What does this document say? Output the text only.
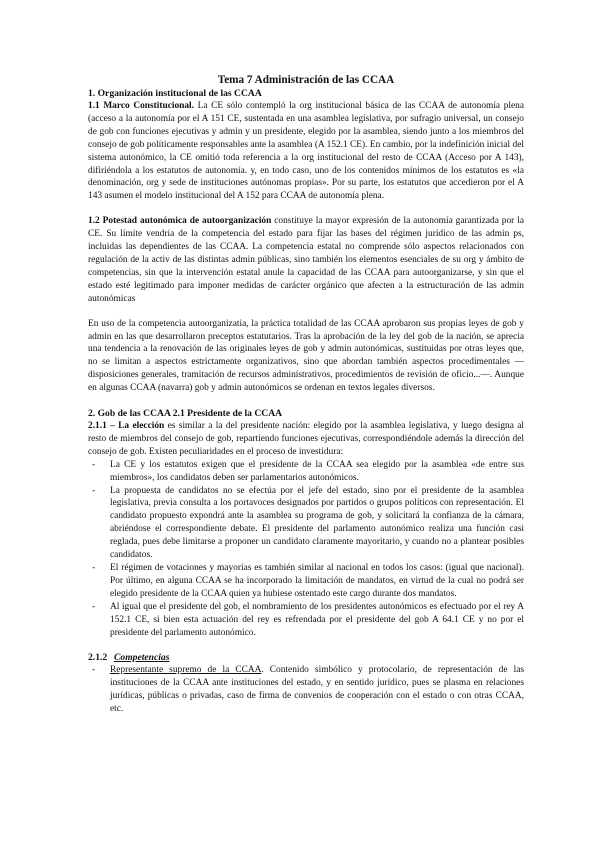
Tema 7 Administración de las CCAA

1. Organización institucional de las CCAA

1.1 Marco Constitucional. La CE sólo contempló la org institucional básica de las CCAA de autonomía plena (acceso a la autonomía por el A 151 CE, sustentada en una asamblea legislativa, por sufragio universal, un consejo de gob con funciones ejecutivas y admin y un presidente, elegido por la asamblea, siendo junto a los miembros del consejo de gob políticamente responsables ante la asamblea (A 152.1 CE). En cambio, por la indefinición inicial del sistema autonómico, la CE omitió toda referencia a la org institucional del resto de CCAA (Acceso por A 143), difiriéndola a los estatutos de autonomía. y, en todo caso, uno de los contenidos mínimos de los estatutos es «la denominación, org y sede de instituciones autónomas propias». Por su parte, los estatutos que accedieron por el A 143 asumen el modelo institucional del A 152 para CCAA de autonomía plena.

1.2 Potestad autonómica de autoorganización constituye la mayor expresión de la autonomía garantizada por la CE. Su límite vendría de la competencia del estado para fijar las bases del régimen jurídico de las admin ps, incluidas las dependientes de las CCAA. La competencia estatal no comprende sólo aspectos relacionados con regulación de la activ de las distintas admin públicas, sino también los elementos esenciales de su org y ámbito de competencias, sin que la intervención estatal anule la capacidad de las CCAA para autoorganizarse, y sin que el estado esté legitimado para imponer medidas de carácter orgánico que afecten a la estructuración de las admin autonómicas

En uso de la competencia autoorganizatia, la práctica totalidad de las CCAA aprobaron sus propias leyes de gob y admin en las que desarrollaron preceptos estatutarios. Tras la aprobación de la ley del gob de la nación, se aprecia una tendencia a la renovación de las originales leyes de gob y admin autonómicas, sustituidas por otras leyes que, no se limitan a aspectos estrictamente organizativos, sino que abordan también aspectos procedimentales — disposiciones generales, tramitación de recursos administrativos, procedimientos de revisión de oficio...—. Aunque en algunas CCAA (navarra) gob y admin autonómicos se ordenan en textos legales diversos.

2. Gob de las CCAA 2.1 Presidente de la CCAA

2.1.1 – La elección es similar a la del presidente nación: elegido por la asamblea legislativa, y luego designa al resto de miembros del consejo de gob, repartiendo funciones ejecutivas, correspondiéndole además la dirección del consejo de gob. Existen peculiaridades en el proceso de investidura:

- La CE y los estatutos exigen que el presidente de la CCAA sea elegido por la asamblea «de entre sus miembros», los candidatos deben ser parlamentarios autonómicos.
- La propuesta de candidatos no se efectúa por el jefe del estado, sino por el presidente de la asamblea legislativa, previa consulta a los portavoces designados por partidos o grupos políticos con representación. El candidato propuesto expondrá ante la asamblea su programa de gob, y solicitará la confianza de la cámara, abriéndose el correspondiente debate. El presidente del parlamento autonómico realiza una función casi reglada, pues debe limitarse a proponer un candidato claramente mayoritario, y cuando no a plantear posibles candidatos.
- El régimen de votaciones y mayorías es también similar al nacional en todos los casos: (igual que nacional). Por último, en alguna CCAA se ha incorporado la limitación de mandatos, en virtud de la cual no podrá ser elegido presidente de la CCAA quien ya hubiese ostentado este cargo durante dos mandatos.
- Al igual que el presidente del gob, el nombramiento de los presidentes autonómicos es efectuado por el rey A 152.1 CE, si bien esta actuación del rey es refrendada por el presidente del gob A 64.1 CE y no por el presidente del parlamento autonómico.

2.1.2 Competencias

- Representante supremo de la CCAA. Contenido simbólico y protocolario, de representación de las instituciones de la CCAA ante instituciones del estado, y en sentido jurídico, pues se plasma en relaciones jurídicas, públicas o privadas, caso de firma de convenios de cooperación con el estado o con otras CCAA, etc.
